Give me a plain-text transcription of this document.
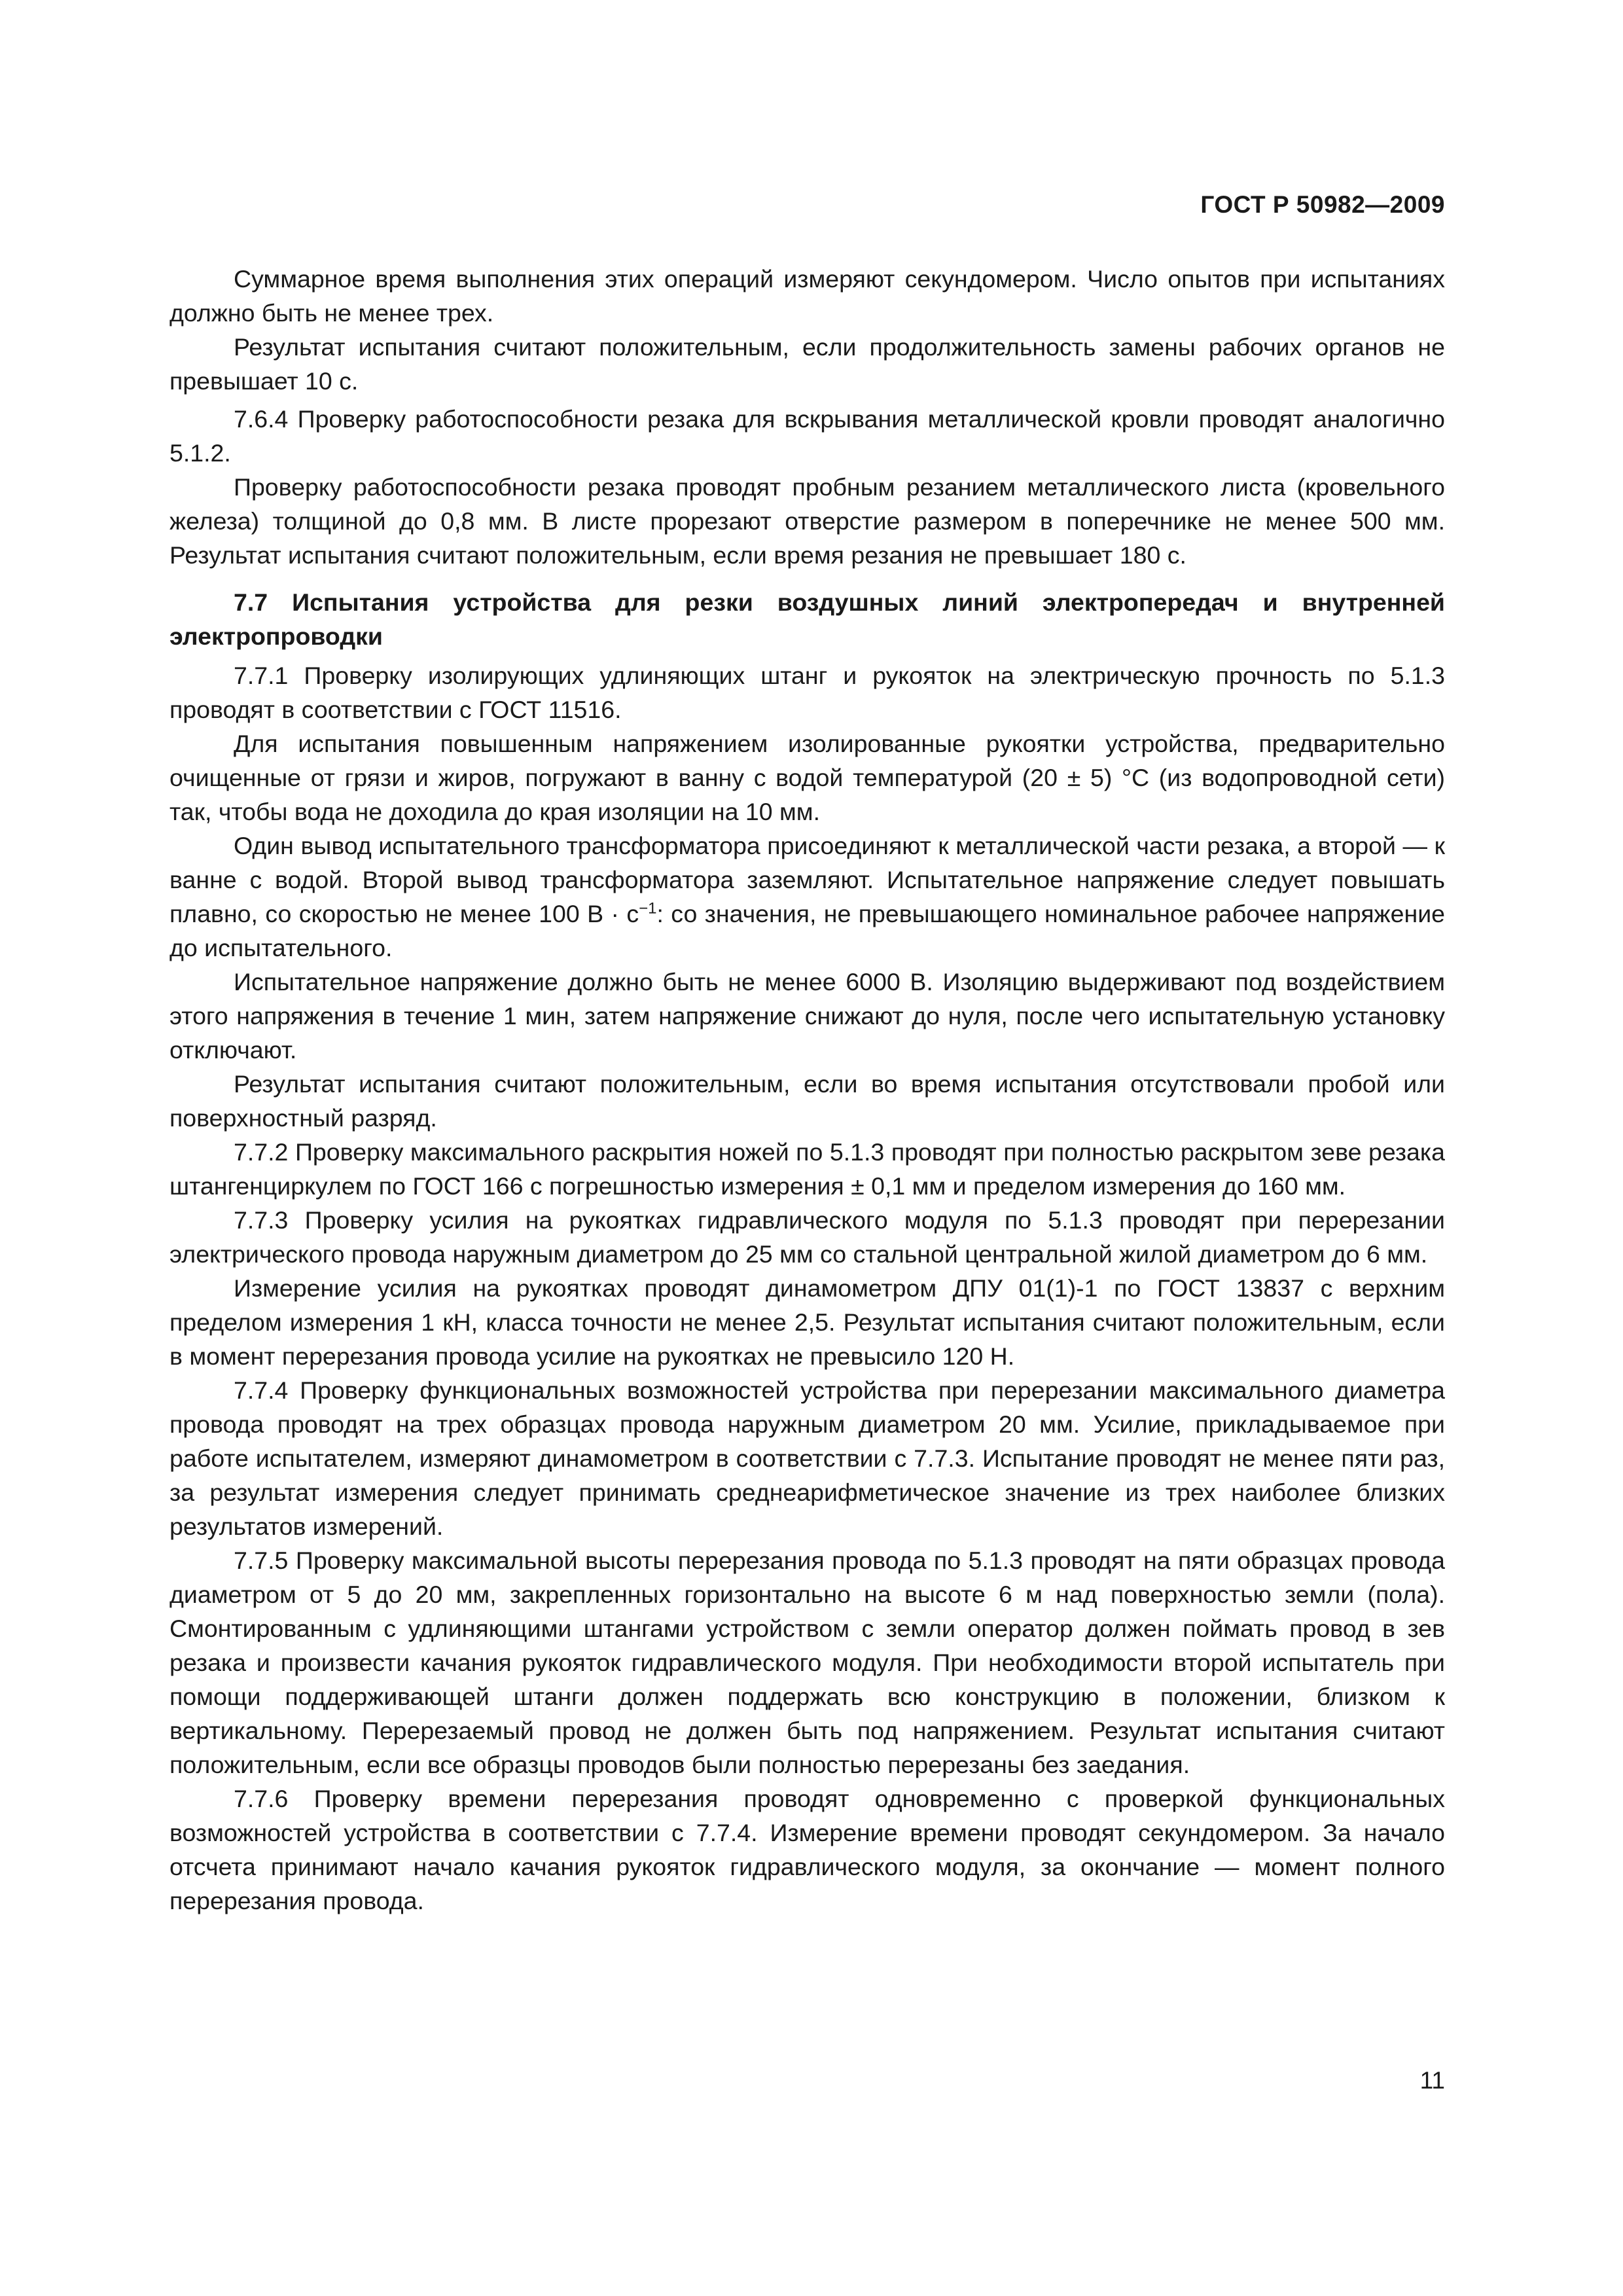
ГОСТ Р 50982—2009

Суммарное время выполнения этих операций измеряют секундомером. Число опытов при испытаниях должно быть не менее трех.

Результат испытания считают положительным, если продолжительность замены рабочих органов не превышает 10 с.

7.6.4 Проверку работоспособности резака для вскрывания металлической кровли проводят аналогично 5.1.2.

Проверку работоспособности резака проводят пробным резанием металлического листа (кровельного железа) толщиной до 0,8 мм. В листе прорезают отверстие размером в поперечнике не менее 500 мм. Результат испытания считают положительным, если время резания не превышает 180 с.

7.7 Испытания устройства для резки воздушных линий электропередач и внутренней электропроводки

7.7.1 Проверку изолирующих удлиняющих штанг и рукояток на электрическую прочность по 5.1.3 проводят в соответствии с ГОСТ 11516.

Для испытания повышенным напряжением изолированные рукоятки устройства, предварительно очищенные от грязи и жиров, погружают в ванну с водой температурой (20 ± 5) °С (из водопроводной сети) так, чтобы вода не доходила до края изоляции на 10 мм.

Один вывод испытательного трансформатора присоединяют к металлической части резака, а второй — к ванне с водой. Второй вывод трансформатора заземляют. Испытательное напряжение следует повышать плавно, со скоростью не менее 100 $В \cdot с^{-1}$: со значения, не превышающего номинальное рабочее напряжение до испытательного.

Испытательное напряжение должно быть не менее 6000 В. Изоляцию выдерживают под воздействием этого напряжения в течение 1 мин, затем напряжение снижают до нуля, после чего испытательную установку отключают.

Результат испытания считают положительным, если во время испытания отсутствовали пробой или поверхностный разряд.

7.7.2 Проверку максимального раскрытия ножей по 5.1.3 проводят при полностью раскрытом зеве резака штангенциркулем по ГОСТ 166 с погрешностью измерения ± 0,1 мм и пределом измерения до 160 мм.

7.7.3 Проверку усилия на рукоятках гидравлического модуля по 5.1.3 проводят при перерезании электрического провода наружным диаметром до 25 мм со стальной центральной жилой диаметром до 6 мм.

Измерение усилия на рукоятках проводят динамометром ДПУ 01(1)-1 по ГОСТ 13837 с верхним пределом измерения 1 кН, класса точности не менее 2,5. Результат испытания считают положительным, если в момент перерезания провода усилие на рукоятках не превысило 120 Н.

7.7.4 Проверку функциональных возможностей устройства при перерезании максимального диаметра провода проводят на трех образцах провода наружным диаметром 20 мм. Усилие, прикладываемое при работе испытателем, измеряют динамометром в соответствии с 7.7.3. Испытание проводят не менее пяти раз, за результат измерения следует принимать среднеарифметическое значение из трех наиболее близких результатов измерений.

7.7.5 Проверку максимальной высоты перерезания провода по 5.1.3 проводят на пяти образцах провода диаметром от 5 до 20 мм, закрепленных горизонтально на высоте 6 м над поверхностью земли (пола). Смонтированным с удлиняющими штангами устройством с земли оператор должен поймать провод в зев резака и произвести качания рукояток гидравлического модуля. При необходимости второй испытатель при помощи поддерживающей штанги должен поддержать всю конструкцию в положении, близком к вертикальному. Перерезаемый провод не должен быть под напряжением. Результат испытания считают положительным, если все образцы проводов были полностью перерезаны без заедания.

7.7.6 Проверку времени перерезания проводят одновременно с проверкой функциональных возможностей устройства в соответствии с 7.7.4. Измерение времени проводят секундомером. За начало отсчета принимают начало качания рукояток гидравлического модуля, за окончание — момент полного перерезания провода.

11
